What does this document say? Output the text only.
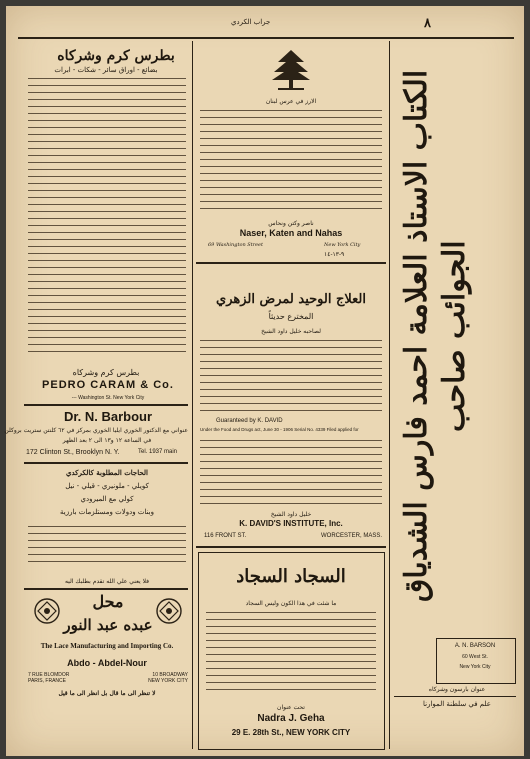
٨
جراب الكردي
بطرس كرم وشركاه
بضائع - اوراق سائر - شكات - ابرات
بطرس كرم وشركاه
PEDRO CARAM & Co.
--- Washington St. New York City
Dr. N. Barbour
عنواني مع الدكتور الخوري ايليا الخوري بمركز في ٦٢ كلنتن ستريت بروكلن
في الساعة ١٢ و١٣ الى ٢ بعد الظهر
172 Clinton St., Brooklyn N. Y.	Tel. 1937 main
الحاجات المطلوبة كالكركدي
كويلي - ملونيري - قيلي - نيل
كولي مع الميرودي
وبنات ودولات ومستلزمات بارزية
فلا يعني علي الله تقدم بطلبك اليه
محل
عبده عبد النور
The Lace Manufacturing and Importing Co.
Abdo - Abdel-Nour
7 RUE BLOMDOR
PARIS, FRANCE
10 BROADWAY
NEW YORK CITY
لا تنظر الى ما قال بل انظر الى ما قيل
الارز في عرس لبنان
ناصر وكتن ونحاس
Naser, Katen and Nahas
69 Washington Street	New York City
٩-١٣-١٤
العلاج الوحيد لمرض الزهري
المخترع حديثاً
لصاحبه خليل داود الشيخ
Guaranteed by K. DAVID
Under the Food and Drugs act, June 30 - 1906 Serial No. 4339 Filed applied for
خليل داود الشيخ
K. DAVID'S INSTITUTE, Inc.
116 FRONT ST.	WORCESTER, MASS.
السجاد السجاد
ما شئت في هذا الكون وليس السجاد
تحت عنوان
Nadra J. Geha
29 E. 28th St., NEW YORK CITY
الكتاب الاستاذ العلامة احمد فارس الشدياق الجوائب صاحب
A. N. BARSON
60 West St.
New York City
عنوان بارسون وشركاه
علم في سلطنة الموارنا
